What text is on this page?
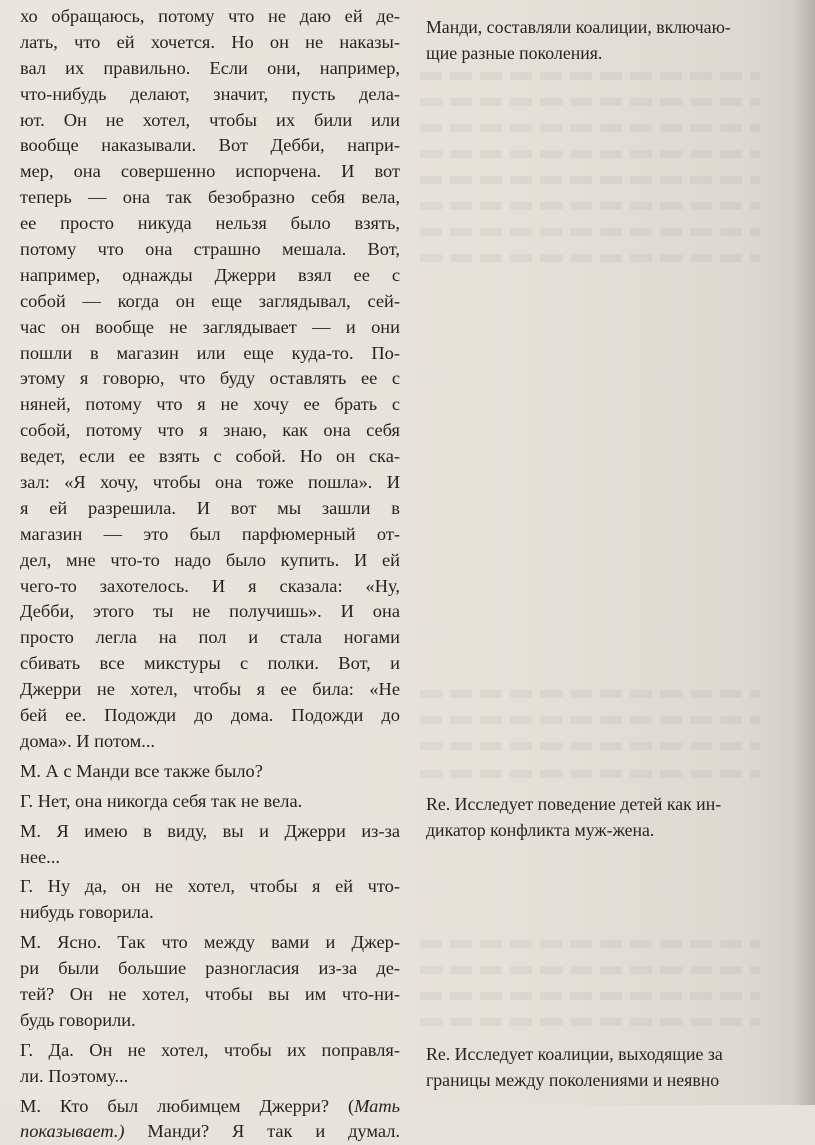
хо обращаюсь, потому что не даю ей де-
лать, что ей хочется. Но он не наказы-
вал их правильно. Если они, например,
что-нибудь делают, значит, пусть дела-
ют. Он не хотел, чтобы их били или
вообще наказывали. Вот Дебби, напри-
мер, она совершенно испорчена. И вот
теперь — она так безобразно себя вела,
ее просто никуда нельзя было взять,
потому что она страшно мешала. Вот,
например, однажды Джерри взял ее с
собой — когда он еще заглядывал, сей-
час он вообще не заглядывает — и они
пошли в магазин или еще куда-то. По-
этому я говорю, что буду оставлять ее с
няней, потому что я не хочу ее брать с
собой, потому что я знаю, как она себя
ведет, если ее взять с собой. Но он ска-
зал: «Я хочу, чтобы она тоже пошла». И
я ей разрешила. И вот мы зашли в
магазин — это был парфюмерный от-
дел, мне что-то надо было купить. И ей
чего-то захотелось. И я сказала: «Ну,
Дебби, этого ты не получишь». И она
просто легла на пол и стала ногами
сбивать все микстуры с полки. Вот, и
Джерри не хотел, чтобы я ее била: «Не
бей ее. Подожди до дома. Подожди до
дома». И потом...
М. А с Манди все также было?
Г. Нет, она никогда себя так не вела.
М. Я имею в виду, вы и Джерри из-за
нее...
Г. Ну да, он не хотел, чтобы я ей что-
нибудь говорила.
М. Ясно. Так что между вами и Джер-
ри были большие разногласия из-за де-
тей? Он не хотел, чтобы вы им что-ни-
будь говорили.
Г. Да. Он не хотел, чтобы их поправля-
ли. Поэтому...
М. Кто был любимцем Джерри? (Мать
показывает.) Манди? Я так и думал.
Манди, составляли коалиции, включаю-
щие разные поколения.
Re. Исследует поведение детей как ин-
дикатор конфликта муж-жена.
Re. Исследует коалиции, выходящие за
границы между поколениями и неявно
